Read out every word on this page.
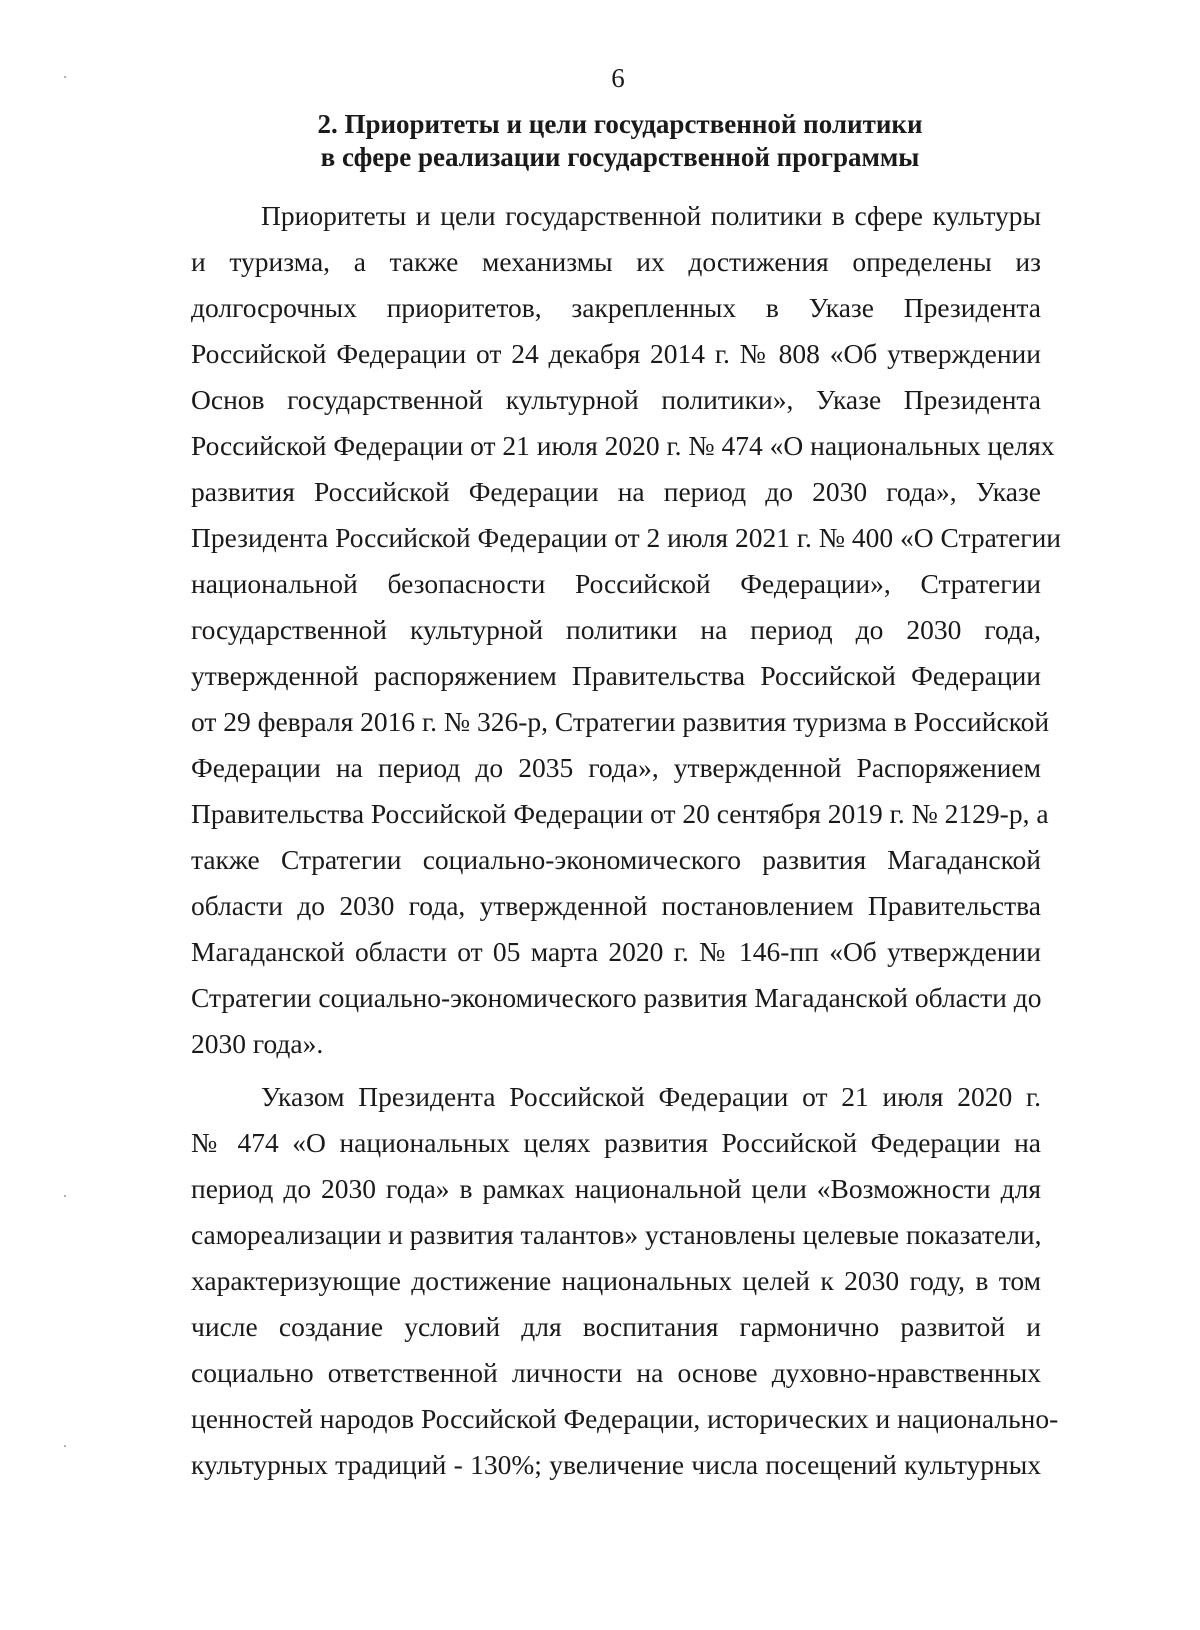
6
2. Приоритеты и цели государственной политики
в сфере реализации государственной программы
Приоритеты и цели государственной политики в сфере культуры
и туризма, а также механизмы их достижения определены из
долгосрочных приоритетов, закрепленных в Указе Президента
Российской Федерации от 24 декабря 2014 г. № 808 «Об утверждении
Основ государственной культурной политики», Указе Президента
Российской Федерации от 21 июля 2020 г. № 474 «О национальных целях
развития Российской Федерации на период до 2030 года», Указе
Президента Российской Федерации от 2 июля 2021 г. № 400 «О Стратегии
национальной безопасности Российской Федерации», Стратегии
государственной культурной политики на период до 2030 года,
утвержденной распоряжением Правительства Российской Федерации
от 29 февраля 2016 г. № 326-р, Стратегии развития туризма в Российской
Федерации на период до 2035 года», утвержденной Распоряжением
Правительства Российской Федерации от 20 сентября 2019 г. № 2129-р, а
также Стратегии социально-экономического развития Магаданской
области до 2030 года, утвержденной постановлением Правительства
Магаданской области от 05 марта 2020 г. № 146-пп «Об утверждении
Стратегии социально-экономического развития Магаданской области до
2030 года».
Указом Президента Российской Федерации от 21 июля 2020 г.
№ 474 «О национальных целях развития Российской Федерации на
период до 2030 года» в рамках национальной цели «Возможности для
самореализации и развития талантов» установлены целевые показатели,
характеризующие достижение национальных целей к 2030 году, в том
числе создание условий для воспитания гармонично развитой и
социально ответственной личности на основе духовно-нравственных
ценностей народов Российской Федерации, исторических и национально-
культурных традиций - 130%; увеличение числа посещений культурных
